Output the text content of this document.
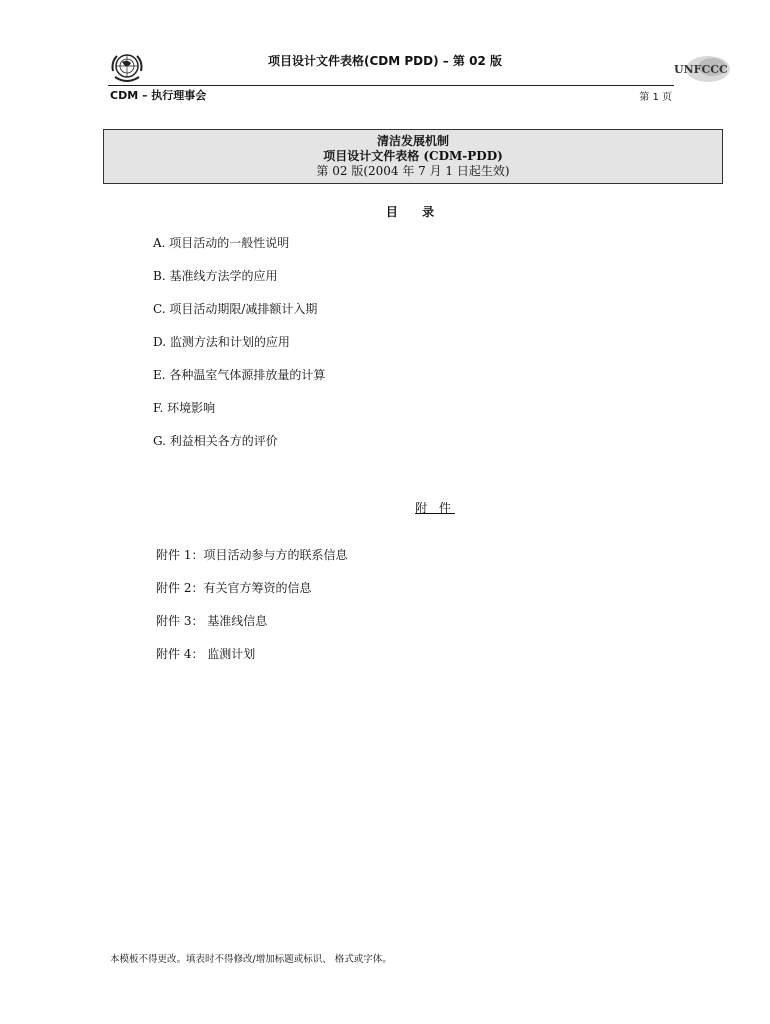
项目设计文件表格(CDM PDD) – 第 02 版
UNFCCC
CDM – 执行理事会	第 1 页
清洁发展机制
项目设计文件表格 (CDM-PDD)
第 02 版(2004 年 7 月 1 日起生效)
目 录
A. 项目活动的一般性说明
B. 基准线方法学的应用
C. 项目活动期限/减排额计入期
D. 监测方法和计划的应用
E. 各种温室气体源排放量的计算
F. 环境影响
G. 利益相关各方的评价
附 件
附件 1：项目活动参与方的联系信息
附件 2：有关官方筹资的信息
附件 3： 基准线信息
附件 4： 监测计划
本模板不得更改。填表时不得修改/增加标题或标识、 格式或字体。
